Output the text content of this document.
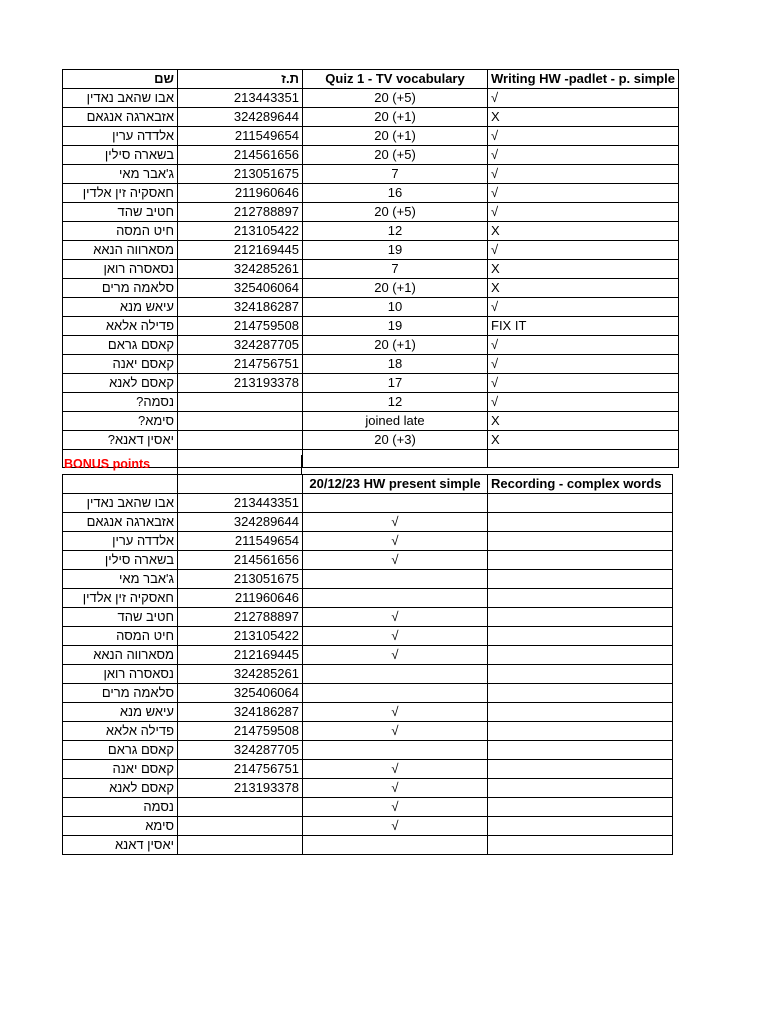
שם	ת.ז	Quiz 1 - TV vocabulary	Writing HW -padlet - p. simple
אבו שהאב נאדין	213443351	20 (+5)	√
אזבארגה אנגאם	324289644	20 (+1)	X
אלדדה ערין	211549654	20 (+1)	√
בשארה סילין	214561656	20 (+5)	√
ג'אבר מאי	213051675	7	√
חאסקיה זין אלדין	211960646	16	√
חטיב שהד	212788897	20 (+5)	√
חיט המסה	213105422	12	X
מסארווה הנאא	212169445	19	√
נסאסרה רואן	324285261	7	X
סלאמה מרים	325406064	20 (+1)	X
עיאש מנא	324186287	10	√
פדילה אלאא	214759508	19	FIX IT
קאסם גראם	324287705	20 (+1)	√
קאסם יאנה	214756751	18	√
קאסם לאנא	213193378	17	√
נסמה?		12	√
סימא?		joined late	X
יאסין דאנא?		20 (+3)	X

BONUS points
		20/12/23 HW present simple	Recording - complex words
אבו שהאב נאדין	213443351		
אזבארגה אנגאם	324289644	√	
אלדדה ערין	211549654	√	
בשארה סילין	214561656	√	
ג'אבר מאי	213051675		
חאסקיה זין אלדין	211960646		
חטיב שהד	212788897	√	
חיט המסה	213105422	√	
מסארווה הנאא	212169445	√	
נסאסרה רואן	324285261		
סלאמה מרים	325406064		
עיאש מנא	324186287	√	
פדילה אלאא	214759508	√	
קאסם גראם	324287705		
קאסם יאנה	214756751	√	
קאסם לאנא	213193378	√	
נסמה		√	
סימא		√	
יאסין דאנא			
